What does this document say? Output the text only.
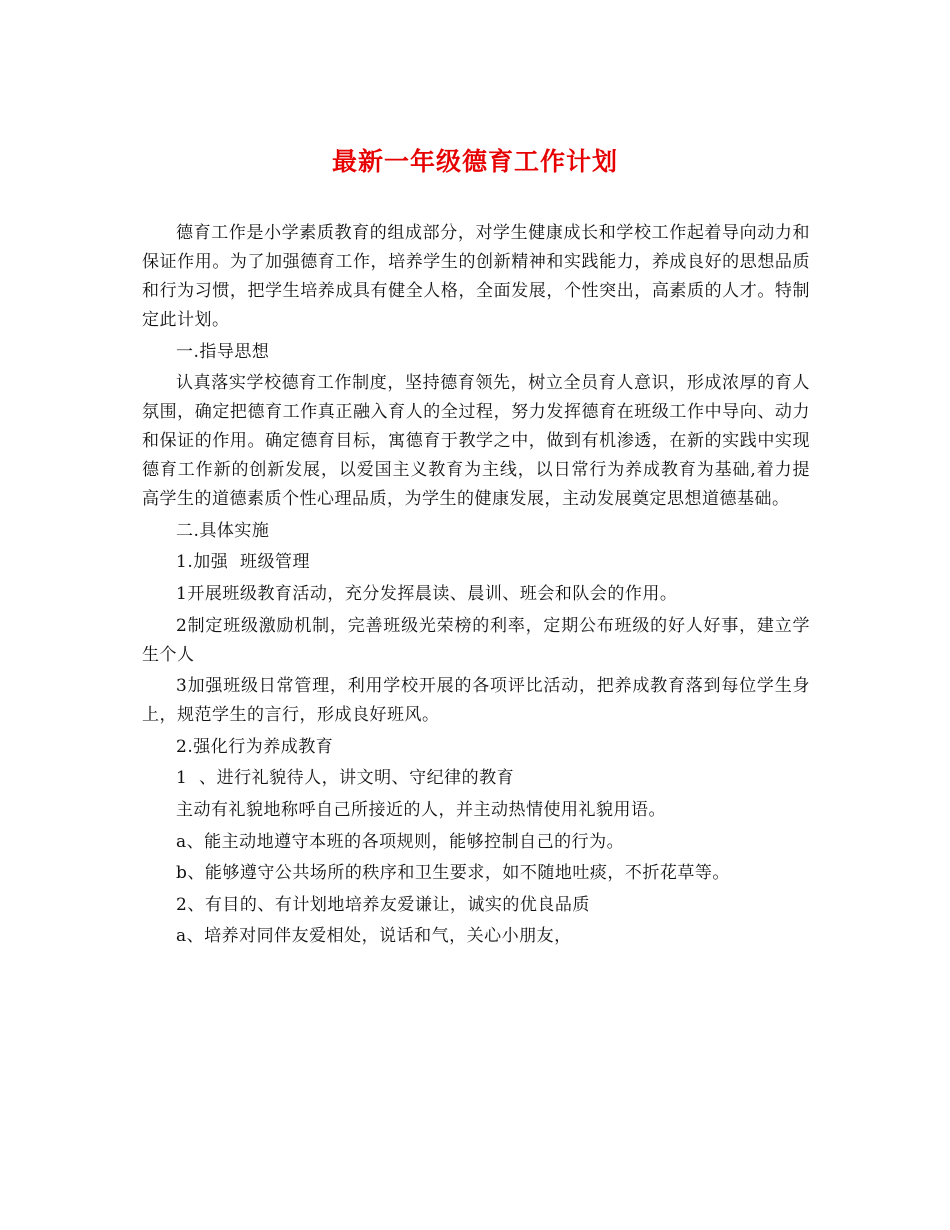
最新一年级德育工作计划

德育工作是小学素质教育的组成部分，对学生健康成长和学校工作起着导向动力和保证作用。为了加强德育工作，培养学生的创新精神和实践能力，养成良好的思想品质和行为习惯，把学生培养成具有健全人格，全面发展，个性突出，高素质的人才。特制定此计划。

一.指导思想

认真落实学校德育工作制度，坚持德育领先，树立全员育人意识，形成浓厚的育人氛围，确定把德育工作真正融入育人的全过程，努力发挥德育在班级工作中导向、动力和保证的作用。确定德育目标，寓德育于教学之中，做到有机渗透，在新的实践中实现德育工作新的创新发展，以爱国主义教育为主线，以日常行为养成教育为基础,着力提高学生的道德素质个性心理品质，为学生的健康发展，主动发展奠定思想道德基础。

二.具体实施

1.加强  班级管理

1开展班级教育活动，充分发挥晨读、晨训、班会和队会的作用。

2制定班级激励机制，完善班级光荣榜的利率，定期公布班级的好人好事，建立学生个人

3加强班级日常管理，利用学校开展的各项评比活动，把养成教育落到每位学生身上，规范学生的言行，形成良好班风。

2.强化行为养成教育

1  、进行礼貌待人，讲文明、守纪律的教育

主动有礼貌地称呼自己所接近的人，并主动热情使用礼貌用语。

a、能主动地遵守本班的各项规则，能够控制自己的行为。

b、能够遵守公共场所的秩序和卫生要求，如不随地吐痰，不折花草等。

2、有目的、有计划地培养友爱谦让，诚实的优良品质

a、培养对同伴友爱相处，说话和气，关心小朋友，
